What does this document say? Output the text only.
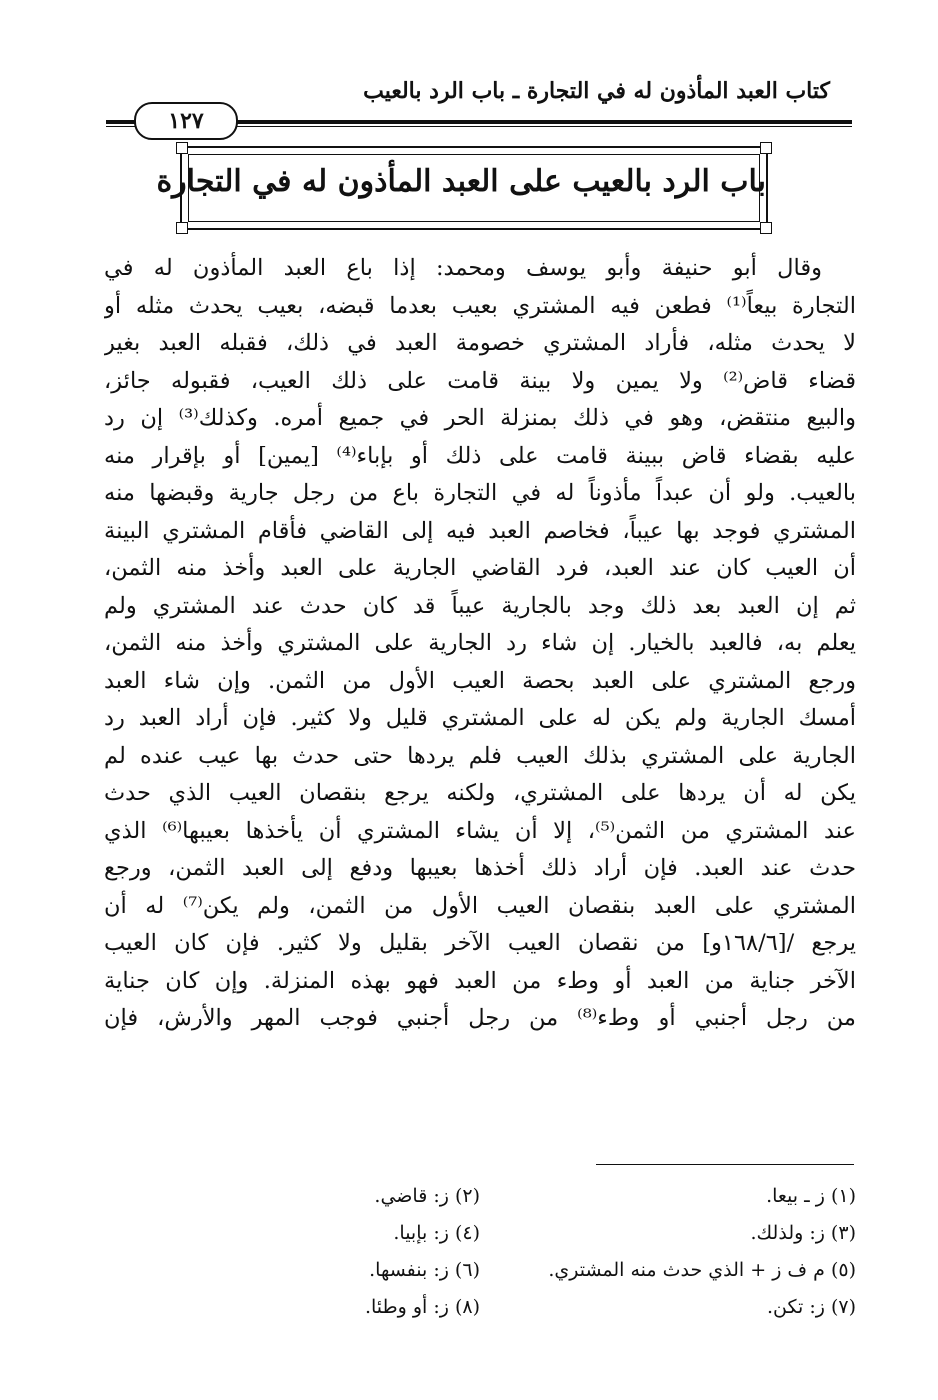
كتاب العبد المأذون له في التجارة ـ باب الرد بالعيب
١٢٧
باب الرد بالعيب على العبد المأذون له في التجارة
وقال أبو حنيفة وأبو يوسف ومحمد: إذا باع العبد المأذون له في
التجارة بيعاً⁽¹⁾ فطعن فيه المشتري بعيب بعدما قبضه، بعيب يحدث مثله أو
لا يحدث مثله، فأراد المشتري خصومة العبد في ذلك، فقبله العبد بغير
قضاء قاض⁽²⁾ ولا يمين ولا بينة قامت على ذلك العيب، فقبوله جائز،
والبيع منتقض، وهو في ذلك بمنزلة الحر في جميع أمره. وكذلك⁽³⁾ إن رد
عليه بقضاء قاض ببينة قامت على ذلك أو بإباء⁽⁴⁾ [يمين] أو بإقرار منه
بالعيب. ولو أن عبداً مأذوناً له في التجارة باع من رجل جارية وقبضها منه
المشتري فوجد بها عيباً، فخاصم العبد فيه إلى القاضي فأقام المشتري البينة
أن العيب كان عند العبد، فرد القاضي الجارية على العبد وأخذ منه الثمن،
ثم إن العبد بعد ذلك وجد بالجارية عيباً قد كان حدث عند المشتري ولم
يعلم به، فالعبد بالخيار. إن شاء رد الجارية على المشتري وأخذ منه الثمن،
ورجع المشتري على العبد بحصة العيب الأول من الثمن. وإن شاء العبد
أمسك الجارية ولم يكن له على المشتري قليل ولا كثير. فإن أراد العبد رد
الجارية على المشتري بذلك العيب فلم يردها حتى حدث بها عيب عنده لم
يكن له أن يردها على المشتري، ولكنه يرجع بنقصان العيب الذي حدث
عند المشتري من الثمن⁽⁵⁾، إلا أن يشاء المشتري أن يأخذها بعيبها⁽⁶⁾ الذي
حدث عند العبد. فإن أراد ذلك أخذها بعيبها ودفع إلى العبد الثمن، ورجع
المشتري على العبد بنقصان العيب الأول من الثمن، ولم يكن⁽⁷⁾ له أن
يرجع /[١٦٨/٦و] من نقصان العيب الآخر بقليل ولا كثير. فإن كان العيب
الآخر جناية من العبد أو وطء من العبد فهو بهذه المنزلة. وإن كان جناية
من رجل أجنبي أو وطء⁽⁸⁾ من رجل أجنبي فوجب المهر والأرش، فإن
(١) ز ـ بيعا.
(٢) ز: قاضي.
(٣) ز: ولذلك.
(٤) ز: بإبيا.
(٥) م ف ز + الذي حدث منه المشتري.
(٦) ز: بنفسها.
(٧) ز: تكن.
(٨) ز: أو وطئا.
